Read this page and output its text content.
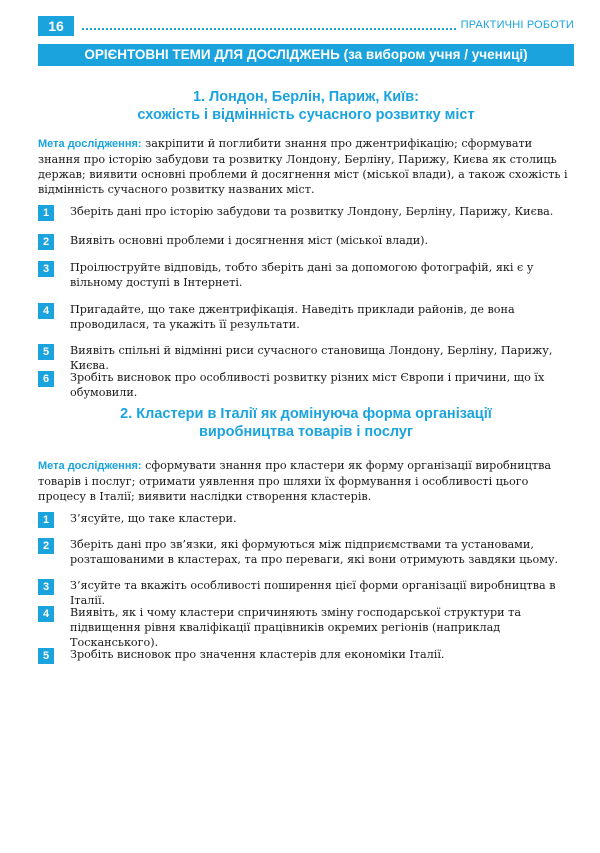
16	ПРАКТИЧНІ РОБОТИ
ОРІЄНТОВНІ ТЕМИ ДЛЯ ДОСЛІДЖЕНЬ (за вибором учня / учениці)
1. Лондон, Берлін, Париж, Київ:
схожість і відмінність сучасного розвитку міст
Мета дослідження: закріпити й поглибити знання про джентрифікацію; сформувати знання про історію забудови та розвитку Лондону, Берліну, Парижу, Києва як столиць держав; виявити основні проблеми й досягнення міст (міської влади), а також схожість і відмінність сучасного розвитку названих міст.
1	Зберіть дані про історію забудови та розвитку Лондону, Берліну, Парижу, Києва.
2	Виявіть основні проблеми і досягнення міст (міської влади).
3	Проілюструйте відповідь, тобто зберіть дані за допомогою фотографій, які є у вільному доступі в Інтернеті.
4	Пригадайте, що таке джентрифікація. Наведіть приклади районів, де вона проводилася, та укажіть її результати.
5	Виявіть спільні й відмінні риси сучасного становища Лондону, Берліну, Парижу, Києва.
6	Зробіть висновок про особливості розвитку різних міст Європи і причини, що їх обумовили.
2. Кластери в Італії як домінуюча форма організації
виробництва товарів і послуг
Мета дослідження: сформувати знання про кластери як форму організації виробництва товарів і послуг; отримати уявлення про шляхи їх формування і особливості цього процесу в Італії; виявити наслідки створення кластерів.
1	З’ясуйте, що таке кластери.
2	Зберіть дані про зв’язки, які формуються між підприємствами та установами, розташованими в кластерах, та про переваги, які вони отримують завдяки цьому.
3	З’ясуйте та вкажіть особливості поширення цієї форми організації виробництва в Італії.
4	Виявіть, як і чому кластери спричиняють зміну господарської структури та підвищення рівня кваліфікації працівників окремих регіонів (наприклад Тосканського).
5	Зробіть висновок про значення кластерів для економіки Італії.
